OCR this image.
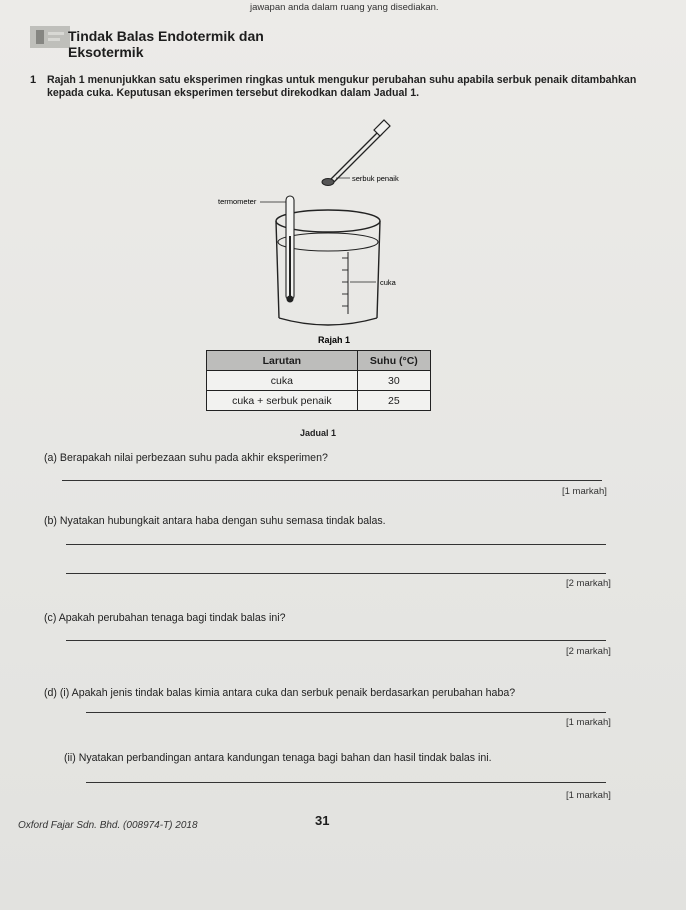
jawapan anda dalam ruang yang disediakan.
Tindak Balas Endotermik dan
Eksotermik
1 Rajah 1 menunjukkan satu eksperimen ringkas untuk mengukur perubahan suhu apabila serbuk penaik ditambahkan kepada cuka. Keputusan eksperimen tersebut direkodkan dalam Jadual 1.
serbuk penaik
termometer
cuka
Rajah 1
Larutan	Suhu (°C)
cuka	30
cuka + serbuk penaik	25
Jadual 1
(a) Berapakah nilai perbezaan suhu pada akhir eksperimen?
[1 markah]
(b) Nyatakan hubungkait antara haba dengan suhu semasa tindak balas.
[2 markah]
(c) Apakah perubahan tenaga bagi tindak balas ini?
[2 markah]
(d) (i) Apakah jenis tindak balas kimia antara cuka dan serbuk penaik berdasarkan perubahan haba?
[1 markah]
(ii) Nyatakan perbandingan antara kandungan tenaga bagi bahan dan hasil tindak balas ini.
[1 markah]
Oxford Fajar Sdn. Bhd. (008974-T) 2018	31
